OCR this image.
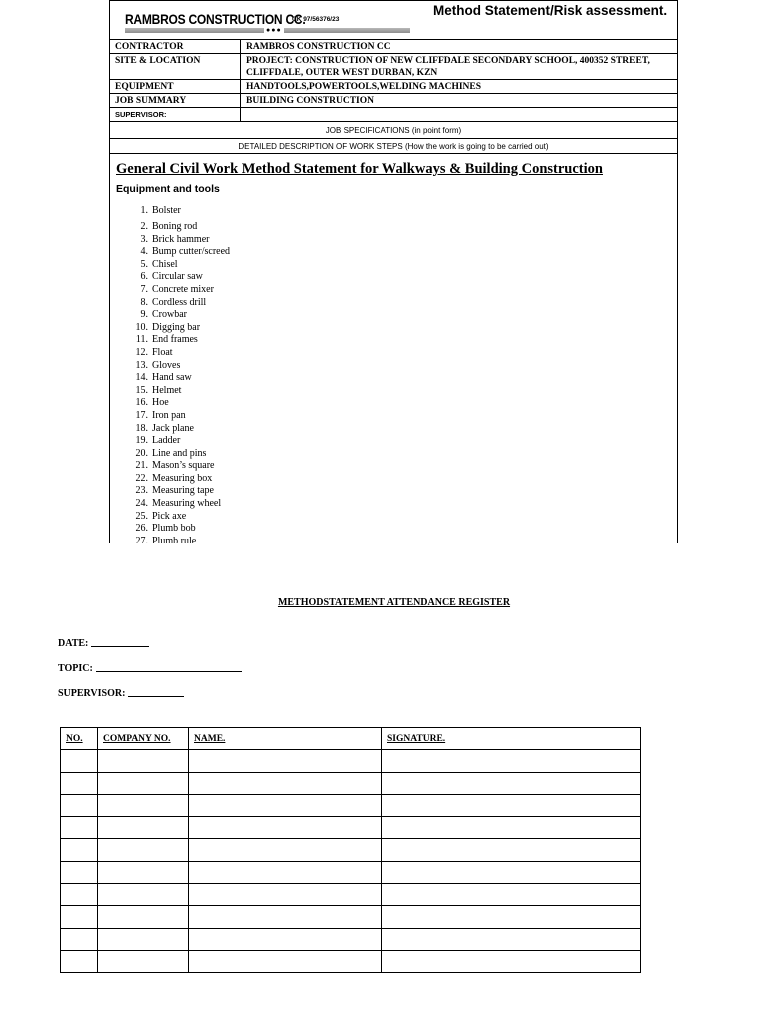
●●●
RAMBROS CONSTRUCTION CC.
CK 97/56376/23
Method Statement/Risk assessment.
CONTRACTOR	RAMBROS CONSTRUCTION CC
SITE & LOCATION	PROJECT: CONSTRUCTION OF NEW CLIFFDALE SECONDARY SCHOOL, 400352 STREET, CLIFFDALE, OUTER WEST DURBAN, KZN
EQUIPMENT	HANDTOOLS,POWERTOOLS,WELDING MACHINES
JOB SUMMARY	BUILDING CONSTRUCTION
SUPERVISOR:	
JOB SPECIFICATIONS (in point form)
DETAILED DESCRIPTION OF WORK STEPS (How the work is going to be carried out)
General Civil Work Method Statement for Walkways & Building Construction
Equipment and tools
1. Bolster
2. Boning rod
3. Brick hammer
4. Bump cutter/screed
5. Chisel
6. Circular saw
7. Concrete mixer
8. Cordless drill
9. Crowbar
10. Digging bar
11. End frames
12. Float
13. Gloves
14. Hand saw
15. Helmet
16. Hoe
17. Iron pan
18. Jack plane
19. Ladder
20. Line and pins
21. Mason’s square
22. Measuring box
23. Measuring tape
24. Measuring wheel
25. Pick axe
26. Plumb bob
27. Plumb rule
METHODSTATEMENT ATTENDANCE REGISTER
DATE:
TOPIC:
SUPERVISOR:
NO.	COMPANY NO.	NAME.	SIGNATURE.
